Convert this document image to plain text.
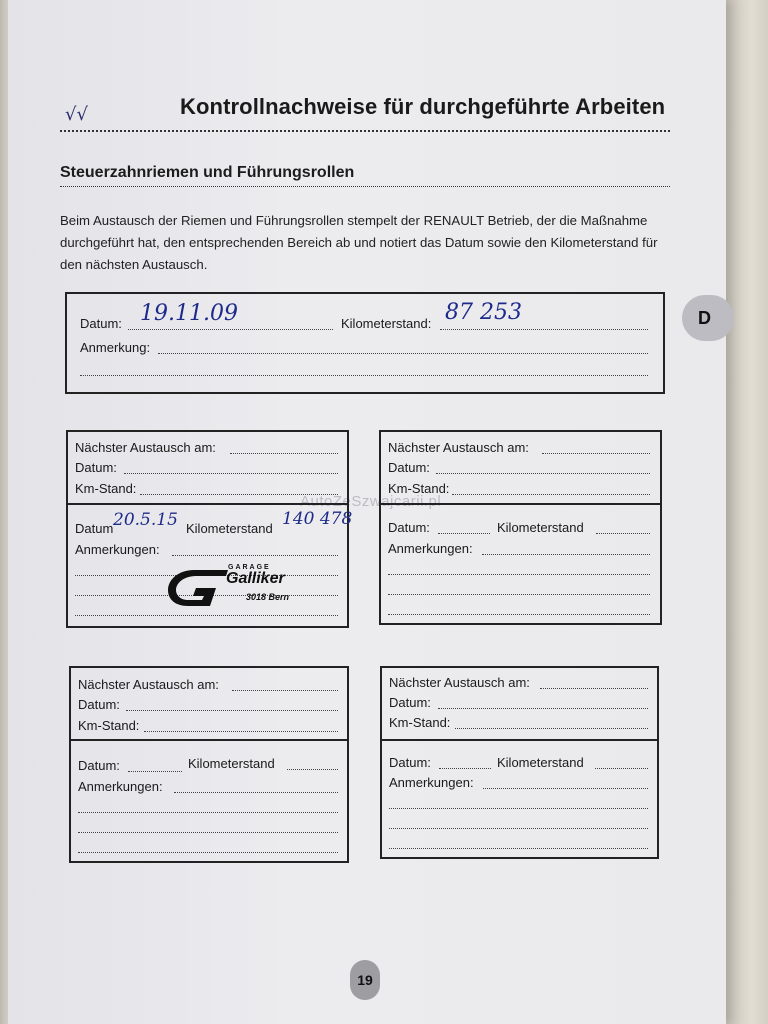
√√	Kontrollnachweise für durchgeführte Arbeiten
Steuerzahnriemen und Führungsrollen
Beim Austausch der Riemen und Führungsrollen stempelt der RENAULT Betrieb, der die Maßnahme durchgeführt hat, den entsprechenden Bereich ab und notiert das Datum sowie den Kilometerstand für den nächsten Austausch.
D
Datum: 19.11.09	Kilometerstand: 87 253
Anmerkung:
AutoZeSzwajcarii.pl
Nächster Austausch am:
Datum:
Km-Stand:
Datum 20.5.15 Kilometerstand 140 478
Anmerkungen:
GARAGE
Galliker
3018 Bern
Nächster Austausch am:
Datum:
Km-Stand:
Datum:	Kilometerstand
Anmerkungen:
Nächster Austausch am:
Datum:
Km-Stand:
Datum:	Kilometerstand
Anmerkungen:
Nächster Austausch am:
Datum:
Km-Stand:
Datum:	Kilometerstand
Anmerkungen:
19
